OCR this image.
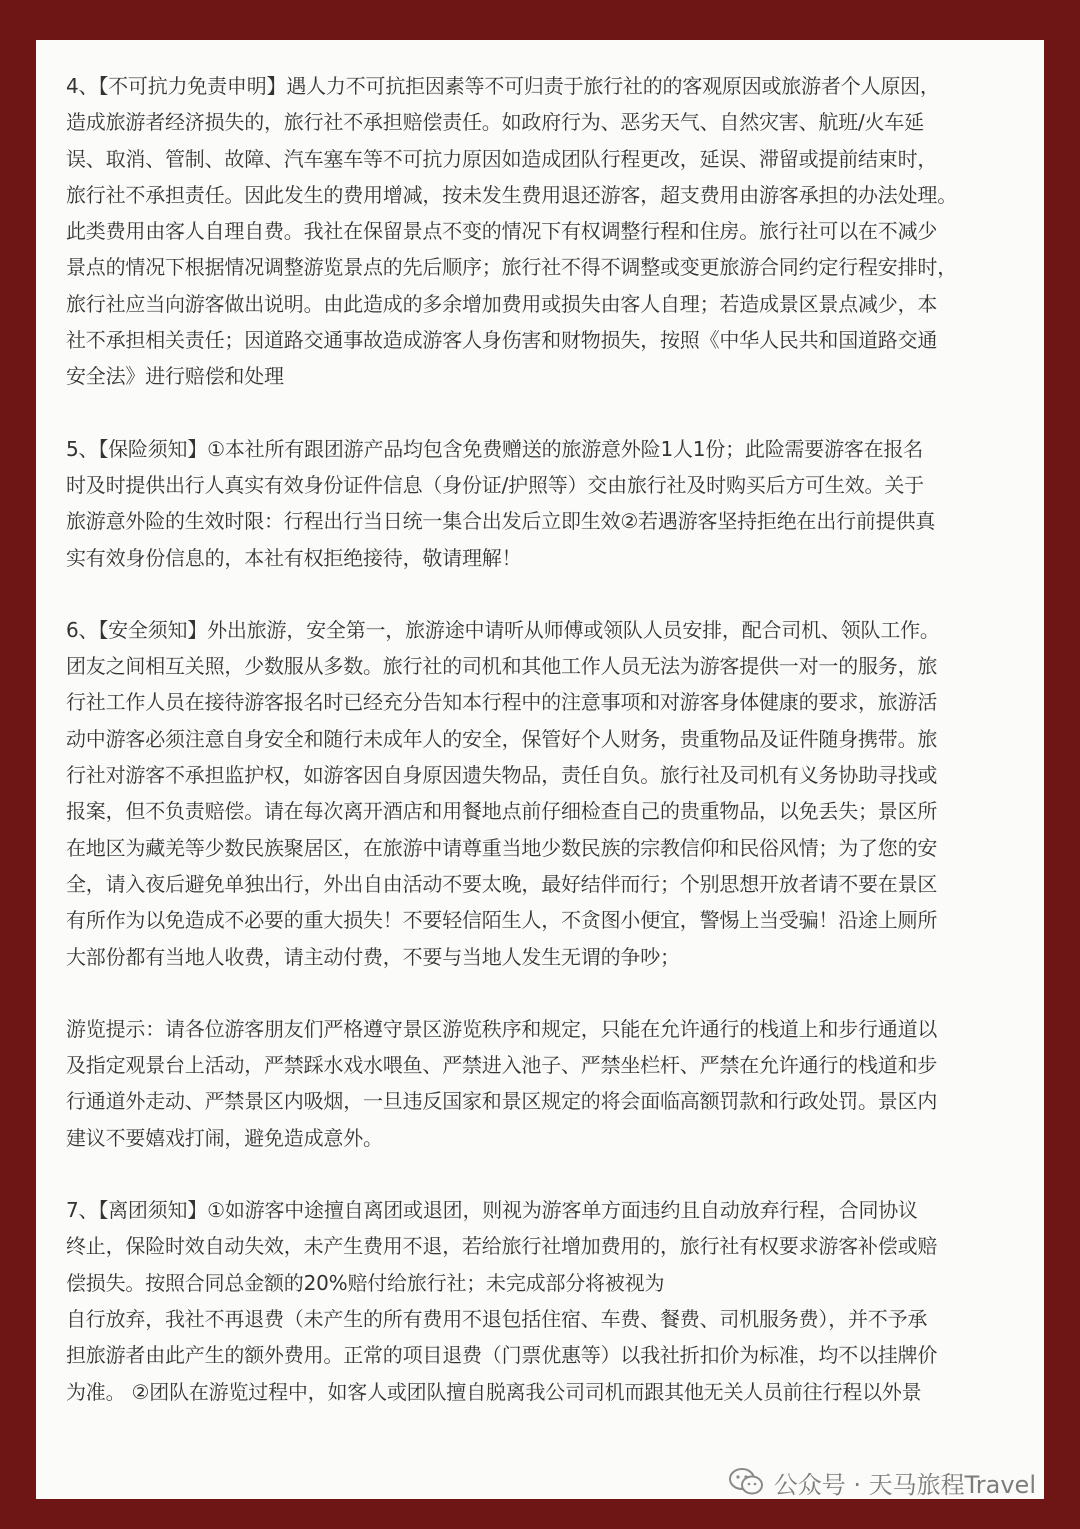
4、【不可抗力免责申明】遇人力不可抗拒因素等不可归责于旅行社的的客观原因或旅游者个人原因，
造成旅游者经济损失的，旅行社不承担赔偿责任。如政府行为、恶劣天气、自然灾害、航班/火车延
误、取消、管制、故障、汽车塞车等不可抗力原因如造成团队行程更改，延误、滞留或提前结束时，
旅行社不承担责任。因此发生的费用增减，按未发生费用退还游客，超支费用由游客承担的办法处理。
此类费用由客人自理自费。我社在保留景点不变的情况下有权调整行程和住房。旅行社可以在不减少
景点的情况下根据情况调整游览景点的先后顺序；旅行社不得不调整或变更旅游合同约定行程安排时，
旅行社应当向游客做出说明。由此造成的多余增加费用或损失由客人自理；若造成景区景点减少，本
社不承担相关责任；因道路交通事故造成游客人身伤害和财物损失，按照《中华人民共和国道路交通
安全法》进行赔偿和处理
5、【保险须知】①本社所有跟团游产品均包含免费赠送的旅游意外险1人1份；此险需要游客在报名
时及时提供出行人真实有效身份证件信息（身份证/护照等）交由旅行社及时购买后方可生效。关于
旅游意外险的生效时限：行程出行当日统一集合出发后立即生效②若遇游客坚持拒绝在出行前提供真
实有效身份信息的，本社有权拒绝接待，敬请理解！
6、【安全须知】外出旅游，安全第一，旅游途中请听从师傅或领队人员安排，配合司机、领队工作。
团友之间相互关照，少数服从多数。旅行社的司机和其他工作人员无法为游客提供一对一的服务，旅
行社工作人员在接待游客报名时已经充分告知本行程中的注意事项和对游客身体健康的要求，旅游活
动中游客必须注意自身安全和随行未成年人的安全，保管好个人财务，贵重物品及证件随身携带。旅
行社对游客不承担监护权，如游客因自身原因遗失物品，责任自负。旅行社及司机有义务协助寻找或
报案，但不负责赔偿。请在每次离开酒店和用餐地点前仔细检查自己的贵重物品，以免丢失；景区所
在地区为藏羌等少数民族聚居区，在旅游中请尊重当地少数民族的宗教信仰和民俗风情；为了您的安
全，请入夜后避免单独出行，外出自由活动不要太晚，最好结伴而行；个别思想开放者请不要在景区
有所作为以免造成不必要的重大损失！不要轻信陌生人，不贪图小便宜，警惕上当受骗！沿途上厕所
大部份都有当地人收费，请主动付费，不要与当地人发生无谓的争吵；
游览提示：请各位游客朋友们严格遵守景区游览秩序和规定，只能在允许通行的栈道上和步行通道以
及指定观景台上活动，严禁踩水戏水喂鱼、严禁进入池子、严禁坐栏杆、严禁在允许通行的栈道和步
行通道外走动、严禁景区内吸烟，一旦违反国家和景区规定的将会面临高额罚款和行政处罚。景区内
建议不要嬉戏打闹，避免造成意外。
7、【离团须知】①如游客中途擅自离团或退团，则视为游客单方面违约且自动放弃行程，合同协议
终止，保险时效自动失效，未产生费用不退，若给旅行社增加费用的，旅行社有权要求游客补偿或赔
偿损失。按照合同总金额的20%赔付给旅行社；未完成部分将被视为
自行放弃，我社不再退费（未产生的所有费用不退包括住宿、车费、餐费、司机服务费），并不予承
担旅游者由此产生的额外费用。正常的项目退费（门票优惠等）以我社折扣价为标准，均不以挂牌价
为准。 ②团队在游览过程中，如客人或团队擅自脱离我公司司机而跟其他无关人员前往行程以外景
公众号 · 天马旅程Travel
